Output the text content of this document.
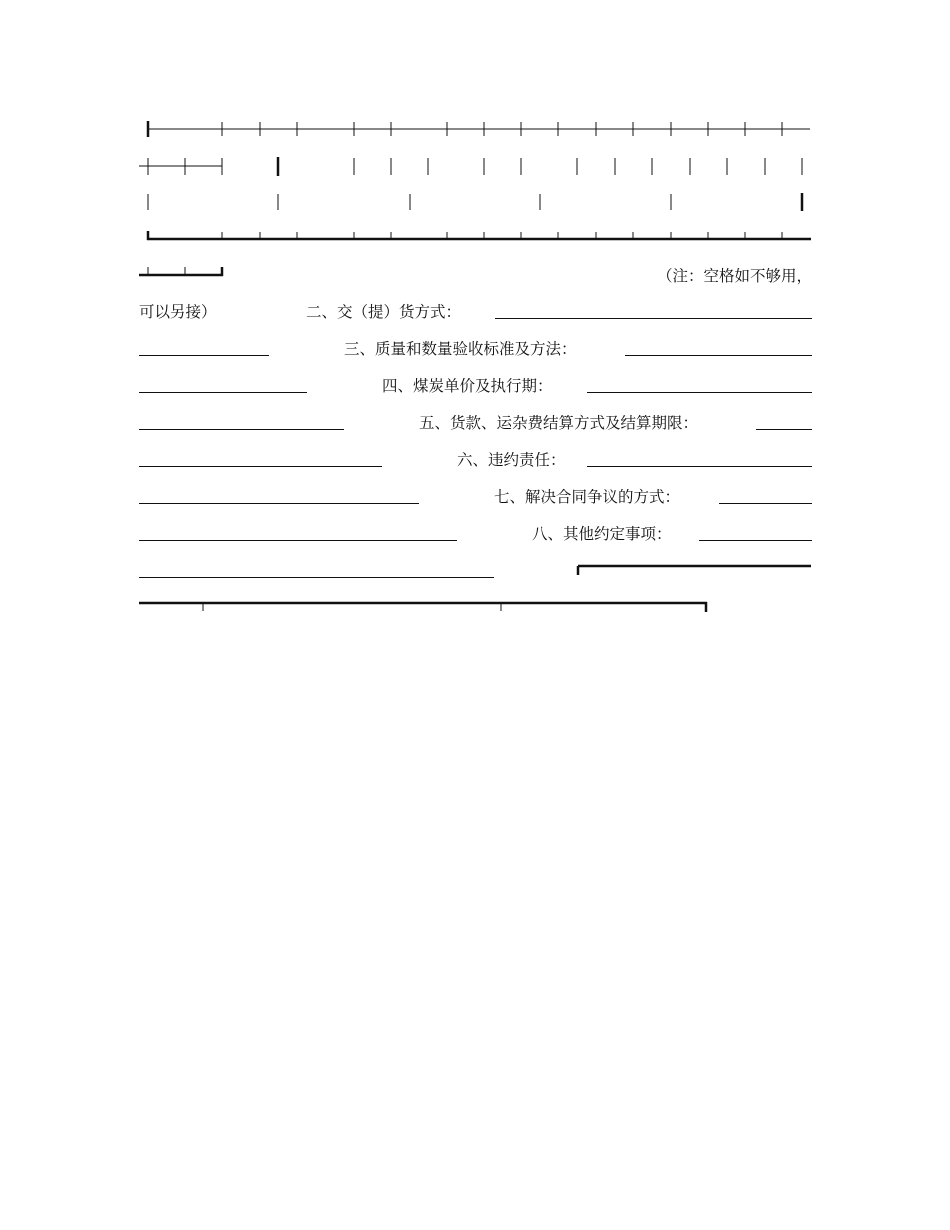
（注：空格如不够用，
可以另接）	二、交（提）货方式：
三、质量和数量验收标准及方法：
四、煤炭单价及执行期：
五、货款、运杂费结算方式及结算期限：
六、违约责任：
七、解决合同争议的方式：
八、其他约定事项：
